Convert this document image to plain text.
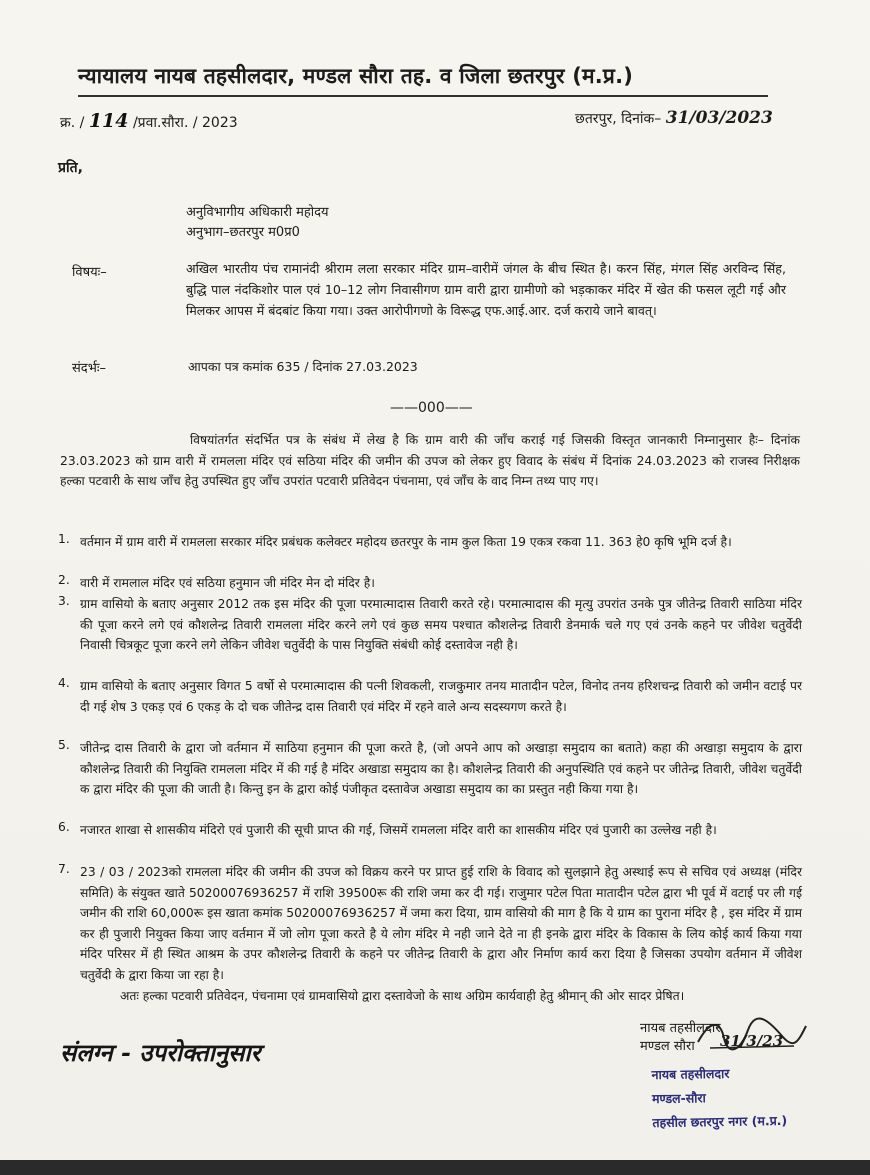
न्यायालय नायब तहसीलदार, मण्डल सौरा तह. व जिला छतरपुर (म.प्र.)
क्र. / 114 /प्रवा.सौरा. / 2023	छतरपुर, दिनांक– 31/03/2023
प्रति,
अनुविभागीय अधिकारी महोदय
अनुभाग–छतरपुर म0प्र0
विषयः–	अखिल भारतीय पंच रामानंदी श्रीराम लला सरकार मंदिर ग्राम–वारीमें जंगल के बीच स्थित है। करन सिंह, मंगल सिंह अरविन्द सिंह, बुद्धि पाल नंदकिशोर पाल एवं 10–12 लोग निवासीगण ग्राम वारी द्वारा ग्रामीणो को भड़काकर मंदिर में खेत की फसल लूटी गई और मिलकर आपस में बंदबांट किया गया। उक्त आरोपीगणो के विरूद्ध एफ.आई.आर. दर्ज कराये जाने बावत्।
संदर्भः–	आपका पत्र कमांक 635 / दिनांक 27.03.2023
——000——
विषयांतर्गत संदर्भित पत्र के संबंध में लेख है कि ग्राम वारी की जाँच कराई गई जिसकी विस्तृत जानकारी निम्नानुसार हैः– दिनांक 23.03.2023 को ग्राम वारी में रामलला मंदिर एवं सठिया मंदिर की जमीन की उपज को लेकर हुए विवाद के संबंध में दिनांक 24.03.2023 को राजस्व निरीक्षक हल्का पटवारी के साथ जाँच हेतु उपस्थित हुए जाँच उपरांत पटवारी प्रतिवेदन पंचनामा, एवं जाँच के वाद निम्न तथ्य पाए गए।
1. वर्तमान में ग्राम वारी में रामलला सरकार मंदिर प्रबंधक कलेक्टर महोदय छतरपुर के नाम कुल किता 19 एकत्र रकवा 11. 363 हे0 कृषि भूमि दर्ज है।
2. वारी में रामलाल मंदिर एवं सठिया हनुमान जी मंदिर मेन दो मंदिर है।
3. ग्राम वासियो के बताए अनुसार 2012 तक इस मंदिर की पूजा परमात्मादास तिवारी करते रहे। परमात्मादास की मृत्यु उपरांत उनके पुत्र जीतेन्द्र तिवारी साठिया मंदिर की पूजा करने लगे एवं कौशलेन्द्र तिवारी रामलला मंदिर करने लगे एवं कुछ समय पश्चात कौशलेन्द्र तिवारी डेनमार्क चले गए एवं उनके कहने पर जीवेश चतुर्वेदी निवासी चित्रकूट पूजा करने लगे लेकिन जीवेश चतुर्वेदी के पास नियुक्ति संबंधी कोई दस्तावेज नही है।
4. ग्राम वासियो के बताए अनुसार विगत 5 वर्षो से परमात्मादास की पत्नी शिवकली, राजकुमार तनय मातादीन पटेल, विनोद तनय हरिशचन्द्र तिवारी को जमीन वटाई पर दी गई शेष 3 एकड़ एवं 6 एकड़ के दो चक जीतेन्द्र दास तिवारी एवं मंदिर में रहने वाले अन्य सदस्यगण करते है।
5. जीतेन्द्र दास तिवारी के द्वारा जो वर्तमान में साठिया हनुमान की पूजा करते है, (जो अपने आप को अखाड़ा समुदाय का बताते) कहा की अखाड़ा समुदाय के द्वारा कौशलेन्द्र तिवारी की नियुक्ति रामलला मंदिर में की गई है मंदिर अखाडा समुदाय का है। कौशलेन्द्र तिवारी की अनुपस्थिति एवं कहने पर जीतेन्द्र तिवारी, जीवेश चतुर्वेदी क द्वारा मंदिर की पूजा की जाती है। किन्तु इन के द्वारा कोई पंजीकृत दस्तावेज अखाडा समुदाय का का प्रस्तुत नही किया गया है।
6. नजारत शाखा से शासकीय मंदिरो एवं पुजारी की सूची प्राप्त की गई, जिसमें रामलला मंदिर वारी का शासकीय मंदिर एवं पुजारी का उल्लेख नही है।
7. 23 / 03 / 2023को रामलला मंदिर की जमीन की उपज को विक्रय करने पर प्राप्त हुई राशि के विवाद को सुलझाने हेतु अस्थाई रूप से सचिव एवं अध्यक्ष (मंदिर समिति) के संयुक्त खाते 50200076936257 में राशि 39500रू की राशि जमा कर दी गई। राजुमार पटेल पिता मातादीन पटेल द्वारा भी पूर्व में वटाई पर ली गई जमीन की राशि 60,000रू इस खाता कमांक 50200076936257 में जमा करा दिया, ग्राम वासियो की माग है कि ये ग्राम का पुराना मंदिर है , इस मंदिर में ग्राम कर ही पुजारी नियुक्त किया जाए वर्तमान में जो लोग पूजा करते है ये लोग मंदिर मे नही जाने देते ना ही इनके द्वारा मंदिर के विकास के लिय कोई कार्य किया गया मंदिर परिसर में ही स्थित आश्रम के उपर कौशलेन्द्र तिवारी के कहने पर जीतेन्द्र तिवारी के द्वारा और निर्माण कार्य करा दिया है जिसका उपयोग वर्तमान में जीवेश चतुर्वेदी के द्वारा किया जा रहा है।
अतः हल्का पटवारी प्रतिवेदन, पंचनामा एवं ग्रामवासियो द्वारा दस्तावेजो के साथ अग्रिम कार्यवाही हेतु श्रीमान् की ओर सादर प्रेषित।
संलग्न - उपरोक्तानुसार
नायब तहसीलदार
मण्डल सौरा	31/3/23
नायब तहसीलदार
मण्डल-सौरा
तहसील छतरपुर नगर (म.प्र.)
